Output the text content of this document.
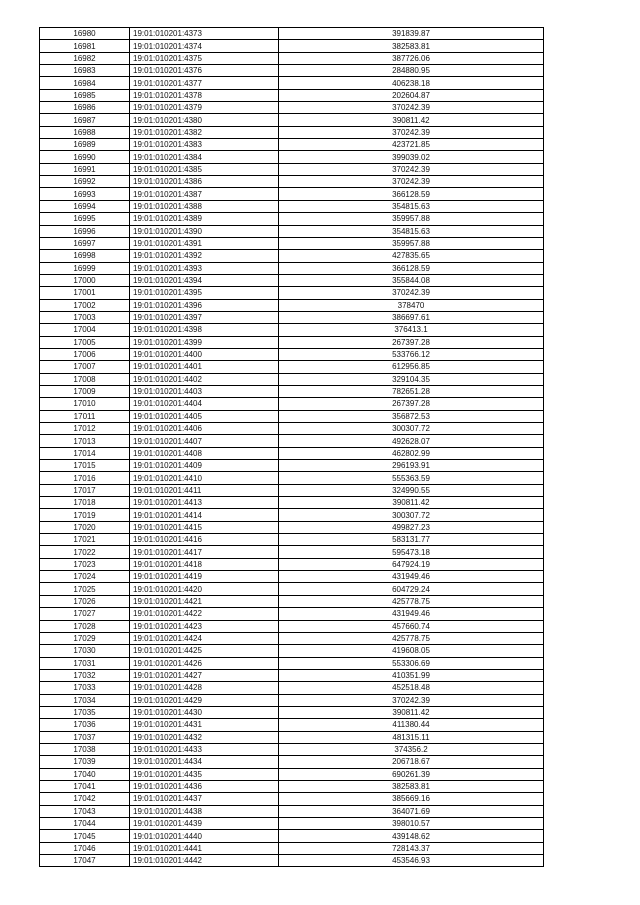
16980	19:01:010201:4373	391839.87
16981	19:01:010201:4374	382583.81
16982	19:01:010201:4375	387726.06
16983	19:01:010201:4376	284880.95
16984	19:01:010201:4377	406238.18
16985	19:01:010201:4378	202604.87
16986	19:01:010201:4379	370242.39
16987	19:01:010201:4380	390811.42
16988	19:01:010201:4382	370242.39
16989	19:01:010201:4383	423721.85
16990	19:01:010201:4384	399039.02
16991	19:01:010201:4385	370242.39
16992	19:01:010201:4386	370242.39
16993	19:01:010201:4387	366128.59
16994	19:01:010201:4388	354815.63
16995	19:01:010201:4389	359957.88
16996	19:01:010201:4390	354815.63
16997	19:01:010201:4391	359957.88
16998	19:01:010201:4392	427835.65
16999	19:01:010201:4393	366128.59
17000	19:01:010201:4394	355844.08
17001	19:01:010201:4395	370242.39
17002	19:01:010201:4396	378470
17003	19:01:010201:4397	386697.61
17004	19:01:010201:4398	376413.1
17005	19:01:010201:4399	267397.28
17006	19:01:010201:4400	533766.12
17007	19:01:010201:4401	612956.85
17008	19:01:010201:4402	329104.35
17009	19:01:010201:4403	782651.28
17010	19:01:010201:4404	267397.28
17011	19:01:010201:4405	356872.53
17012	19:01:010201:4406	300307.72
17013	19:01:010201:4407	492628.07
17014	19:01:010201:4408	462802.99
17015	19:01:010201:4409	296193.91
17016	19:01:010201:4410	555363.59
17017	19:01:010201:4411	324990.55
17018	19:01:010201:4413	390811.42
17019	19:01:010201:4414	300307.72
17020	19:01:010201:4415	499827.23
17021	19:01:010201:4416	583131.77
17022	19:01:010201:4417	595473.18
17023	19:01:010201:4418	647924.19
17024	19:01:010201:4419	431949.46
17025	19:01:010201:4420	604729.24
17026	19:01:010201:4421	425778.75
17027	19:01:010201:4422	431949.46
17028	19:01:010201:4423	457660.74
17029	19:01:010201:4424	425778.75
17030	19:01:010201:4425	419608.05
17031	19:01:010201:4426	553306.69
17032	19:01:010201:4427	410351.99
17033	19:01:010201:4428	452518.48
17034	19:01:010201:4429	370242.39
17035	19:01:010201:4430	390811.42
17036	19:01:010201:4431	411380.44
17037	19:01:010201:4432	481315.11
17038	19:01:010201:4433	374356.2
17039	19:01:010201:4434	206718.67
17040	19:01:010201:4435	690261.39
17041	19:01:010201:4436	382583.81
17042	19:01:010201:4437	385669.16
17043	19:01:010201:4438	364071.69
17044	19:01:010201:4439	398010.57
17045	19:01:010201:4440	439148.62
17046	19:01:010201:4441	728143.37
17047	19:01:010201:4442	453546.93
